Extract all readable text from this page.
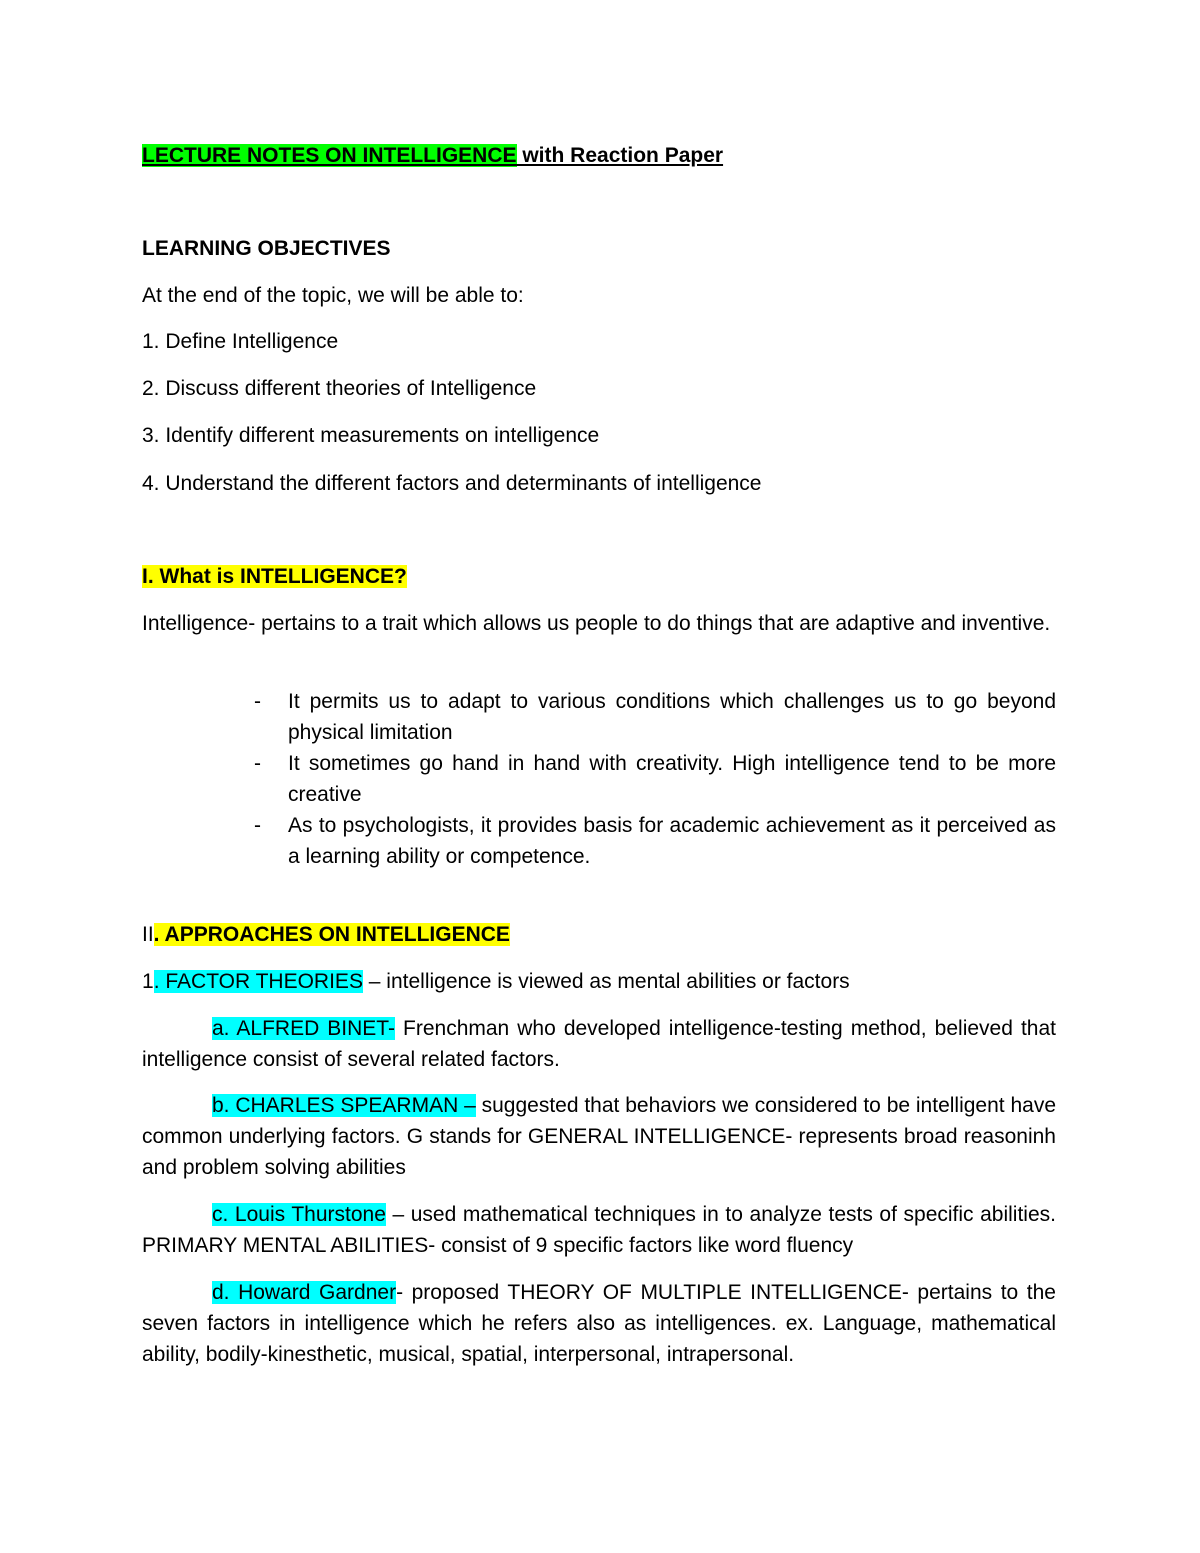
LECTURE NOTES ON INTELLIGENCE with Reaction Paper
LEARNING OBJECTIVES
At the end of the topic, we will be able to:
1. Define Intelligence
2. Discuss different theories of Intelligence
3. Identify different measurements on intelligence
4. Understand the different factors and determinants of intelligence
I. What is INTELLIGENCE?
Intelligence- pertains to a trait which allows us people to do things that are adaptive and inventive.
- It permits us to adapt to various conditions which challenges us to go beyond physical limitation
- It sometimes go hand in hand with creativity. High intelligence tend to be more creative
- As to psychologists, it provides basis for academic achievement as it perceived as a learning ability or competence.
II. APPROACHES ON INTELLIGENCE
1. FACTOR THEORIES – intelligence is viewed as mental abilities or factors
a. ALFRED BINET- Frenchman who developed intelligence-testing method, believed that intelligence consist of several related factors.
b. CHARLES SPEARMAN – suggested that behaviors we considered to be intelligent have common underlying factors. G stands for GENERAL INTELLIGENCE- represents broad reasoninh and problem solving abilities
c. Louis Thurstone – used mathematical techniques in to analyze tests of specific abilities. PRIMARY MENTAL ABILITIES- consist of 9 specific factors like word fluency
d. Howard Gardner- proposed THEORY OF MULTIPLE INTELLIGENCE- pertains to the seven factors in intelligence which he refers also as intelligences. ex. Language, mathematical ability, bodily-kinesthetic, musical, spatial, interpersonal, intrapersonal.
